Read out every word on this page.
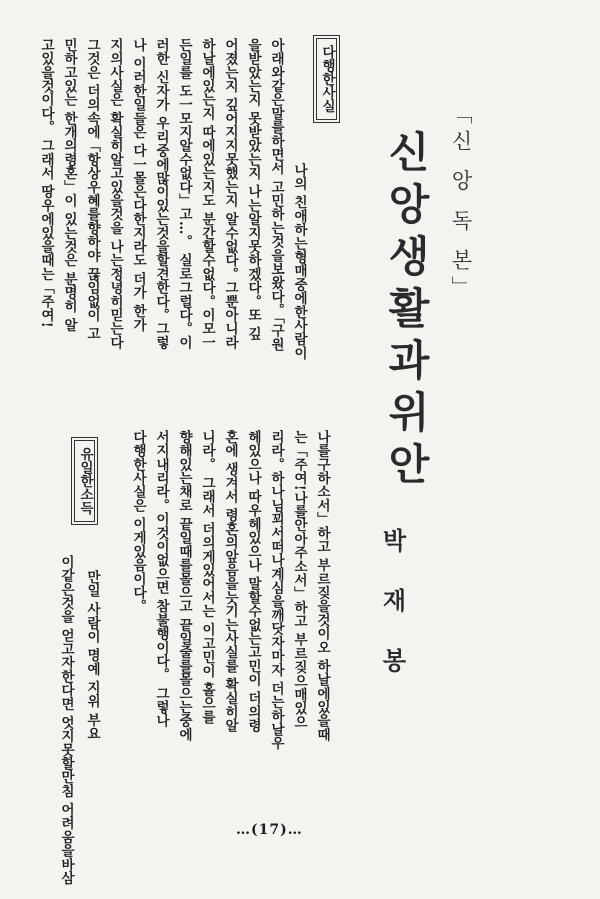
「신 앙 독 본」
신앙생활과위안
박재봉
다행한사실
나의 친애하는형매중에한사람이
아래와같은말를하면서 고민하는것을보왔다。「구원
을받았는지 못받았는지 나는알지못하겠다。또 깊
어졌는지 깊어지지못했는지 알수없다。그뿐아니라
하날에있는지 따에있는지도 분간할수없다。이모一
든일를 도一모지알수없다」고…。 실로그럴다。이
러한 신자가 우리중에많이있는것을할견한다。그렇
나 이러한일들은 다一몰은다한지라도 더가 한가
지의사실은 확실히알고있을것을 나는정녕히믿는다
그것은 더의속에「항상우혜를향하야 끊임없이 고
민하고있는 한개의령혼」이 있는것은 분명히 알
고있을것이다。 그래서 땅우에있을때는「주여!
나를구하소서」하고 부르짖을것이오 하날에있을때
는「주여!나를안아주소서」하고 부르짖으매있으
리라。하나님꾀서떠나계심을깨닷자마자 더는하날우
헤있으나 따우헤있으나 말할수없는고민이 더의령
혼에 생겨서 령혼의앞음을늣기는사실를 확실히알
니라。 그래서 더의게있어서는 이고민이 홀으를
향해있는채로 끝일때를몰으고 끝일줄를몰으는중에
서지내리라。이것이없으면 참불행이다。 그렇나
다행한사실은 이게있음이다。
유일한소득
만일 사람이 명예 지위 부요
이같은것을 얻고자한다면 엇지못할만침 어려움을바삼	…(17)…
